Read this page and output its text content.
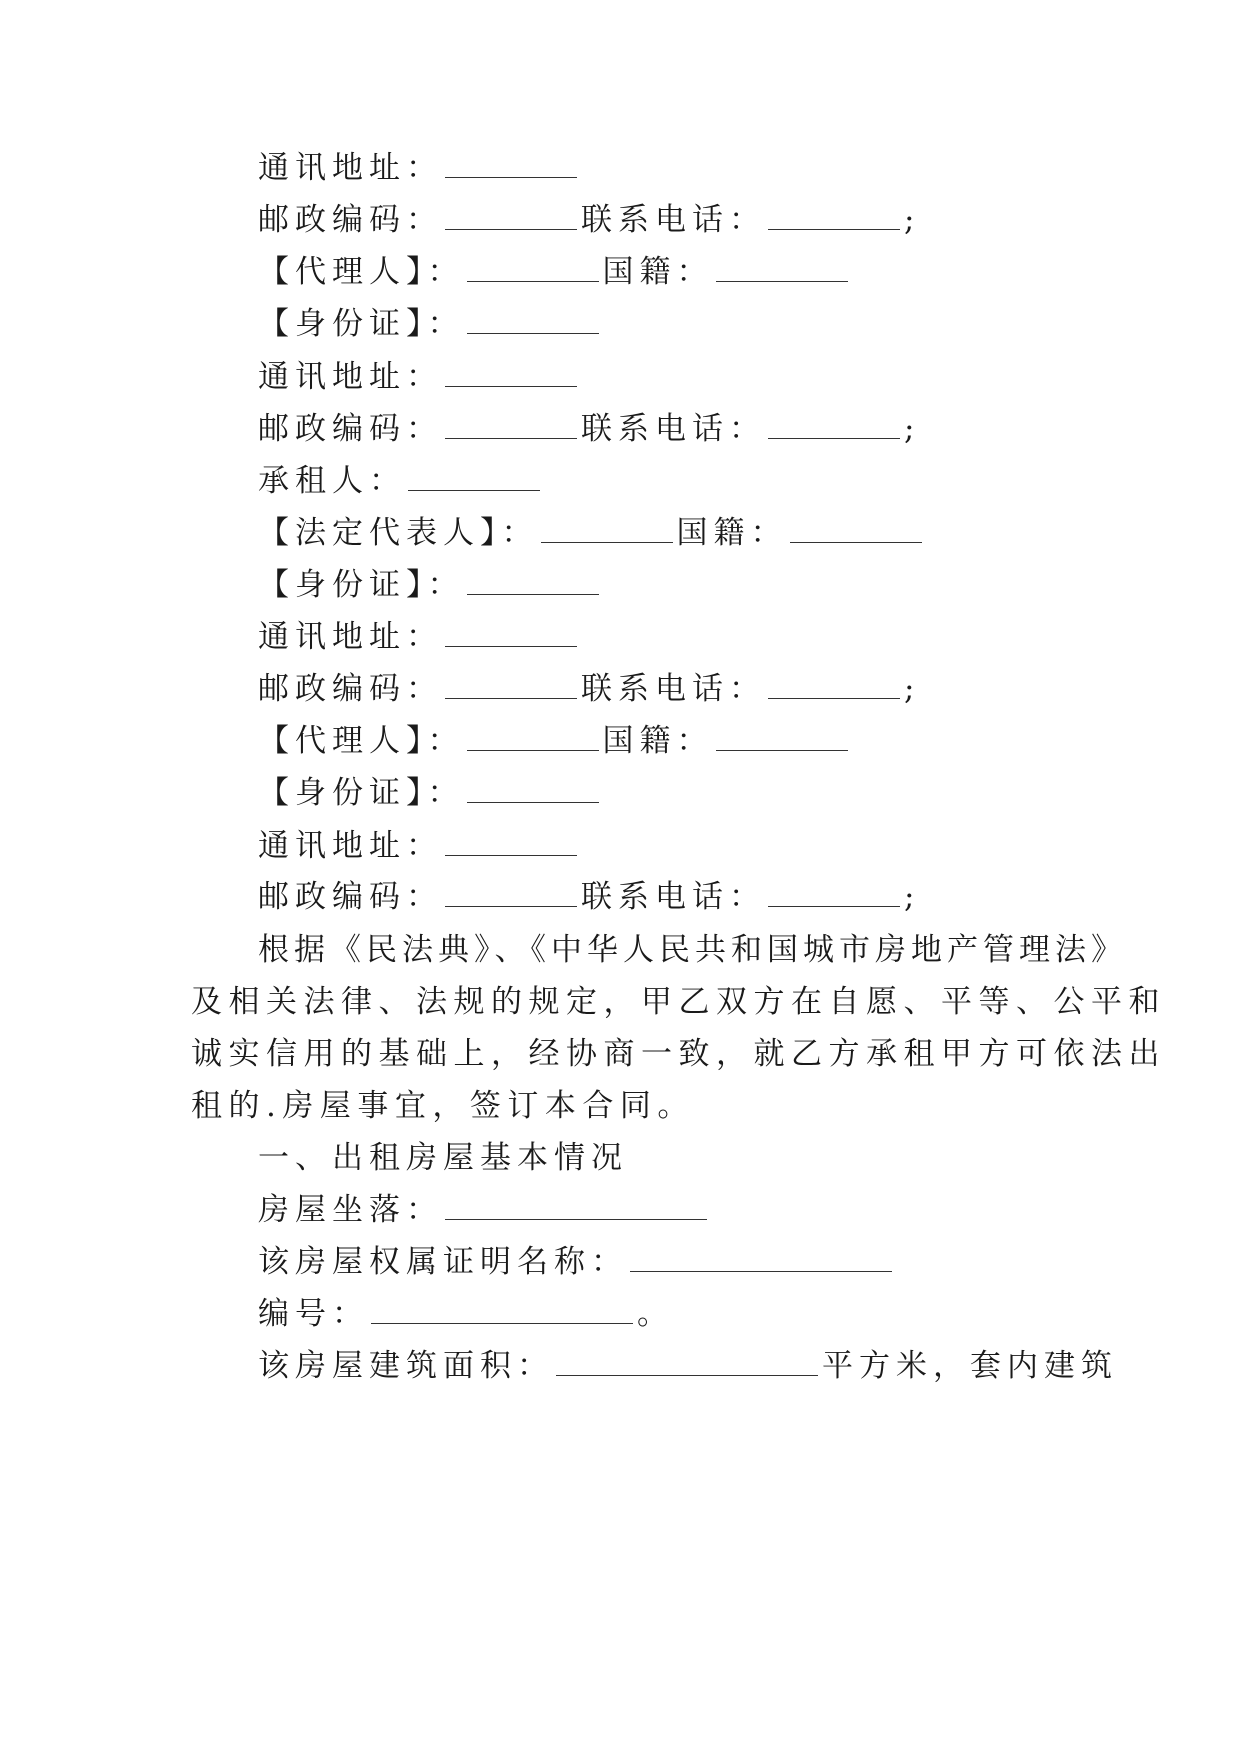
通讯地址：
邮政编码：	联系电话：	;
【代理人】：	国籍：
【身份证】：
通讯地址：
邮政编码：	联系电话：	;
承租人：
【法定代表人】：	国籍：
【身份证】：
通讯地址：
邮政编码：	联系电话：	;
【代理人】：	国籍：
【身份证】：
通讯地址：
邮政编码：	联系电话：	;
根据《民法典》、《中华人民共和国城市房地产管理法》
及相关法律、法规的规定，甲乙双方在自愿、平等、公平和
诚实信用的基础上，经协商一致，就乙方承租甲方可依法出
租的.房屋事宜，签订本合同。
一、出租房屋基本情况
房屋坐落：
该房屋权属证明名称：
编号：	。
该房屋建筑面积：	平方米，套内建筑
